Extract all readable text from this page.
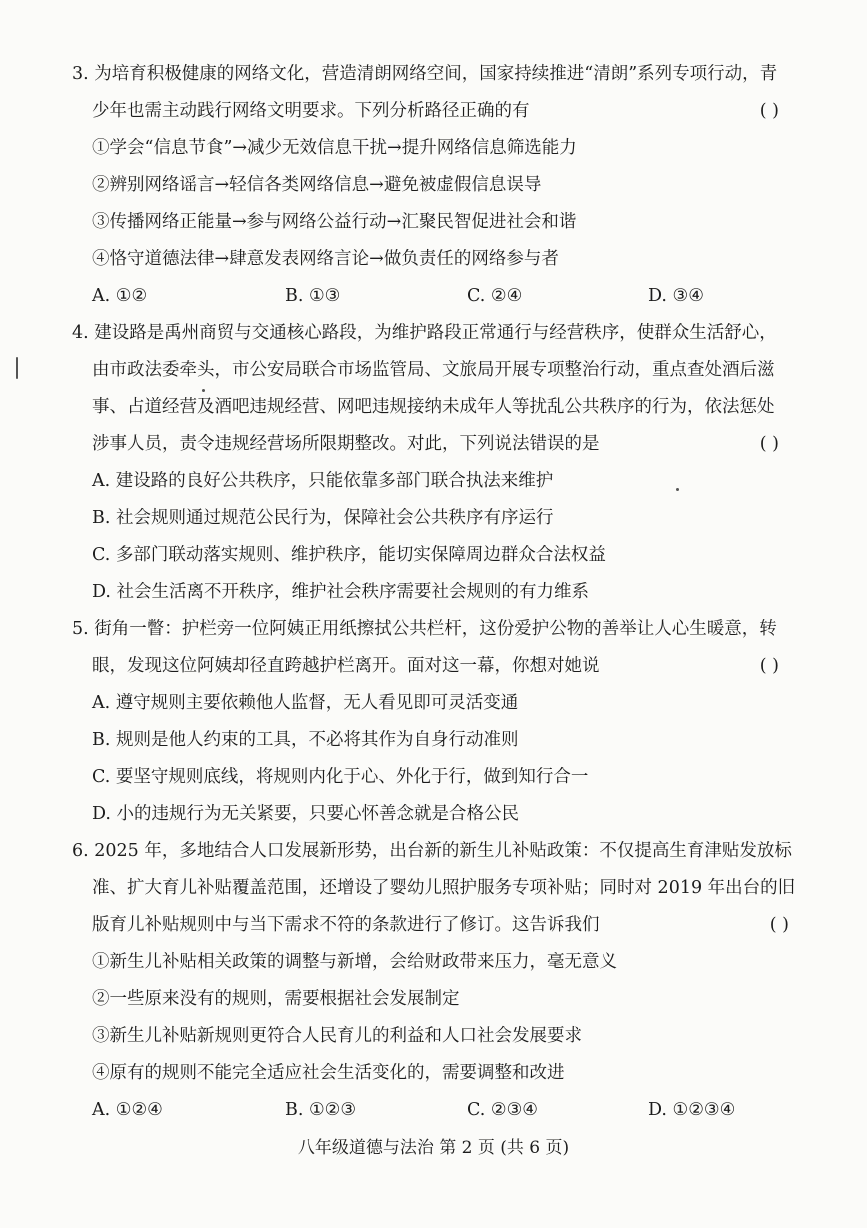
3. 为培育积极健康的网络文化，营造清朗网络空间，国家持续推进“清朗”系列专项行动，青
少年也需主动践行网络文明要求。下列分析路径正确的有	( )
①学会“信息节食”→减少无效信息干扰→提升网络信息筛选能力
②辨别网络谣言→轻信各类网络信息→避免被虚假信息误导
③传播网络正能量→参与网络公益行动→汇聚民智促进社会和谐
④恪守道德法律→肆意发表网络言论→做负责任的网络参与者
A. ①②	B. ①③	C. ②④	D. ③④
4. 建设路是禹州商贸与交通核心路段，为维护路段正常通行与经营秩序，使群众生活舒心，
由市政法委牵头，市公安局联合市场监管局、文旅局开展专项整治行动，重点查处酒后滋
事、占道经营及酒吧违规经营、网吧违规接纳未成年人等扰乱公共秩序的行为，依法惩处
涉事人员，责令违规经营场所限期整改。对此，下列说法错误的是	( )
A. 建设路的良好公共秩序，只能依靠多部门联合执法来维护
B. 社会规则通过规范公民行为，保障社会公共秩序有序运行
C. 多部门联动落实规则、维护秩序，能切实保障周边群众合法权益
D. 社会生活离不开秩序，维护社会秩序需要社会规则的有力维系
5. 街角一瞥：护栏旁一位阿姨正用纸擦拭公共栏杆，这份爱护公物的善举让人心生暖意，转
眼，发现这位阿姨却径直跨越护栏离开。面对这一幕，你想对她说	( )
A. 遵守规则主要依赖他人监督，无人看见即可灵活变通
B. 规则是他人约束的工具，不必将其作为自身行动准则
C. 要坚守规则底线，将规则内化于心、外化于行，做到知行合一
D. 小的违规行为无关紧要，只要心怀善念就是合格公民
6. 2025 年，多地结合人口发展新形势，出台新的新生儿补贴政策：不仅提高生育津贴发放标
准、扩大育儿补贴覆盖范围，还增设了婴幼儿照护服务专项补贴；同时对 2019 年出台的旧
版育儿补贴规则中与当下需求不符的条款进行了修订。这告诉我们	( )
①新生儿补贴相关政策的调整与新增，会给财政带来压力，毫无意义
②一些原来没有的规则，需要根据社会发展制定
③新生儿补贴新规则更符合人民育儿的利益和人口社会发展要求
④原有的规则不能完全适应社会生活变化的，需要调整和改进
A. ①②④	B. ①②③	C. ②③④	D. ①②③④
八年级道德与法治 第 2 页 (共 6 页)
